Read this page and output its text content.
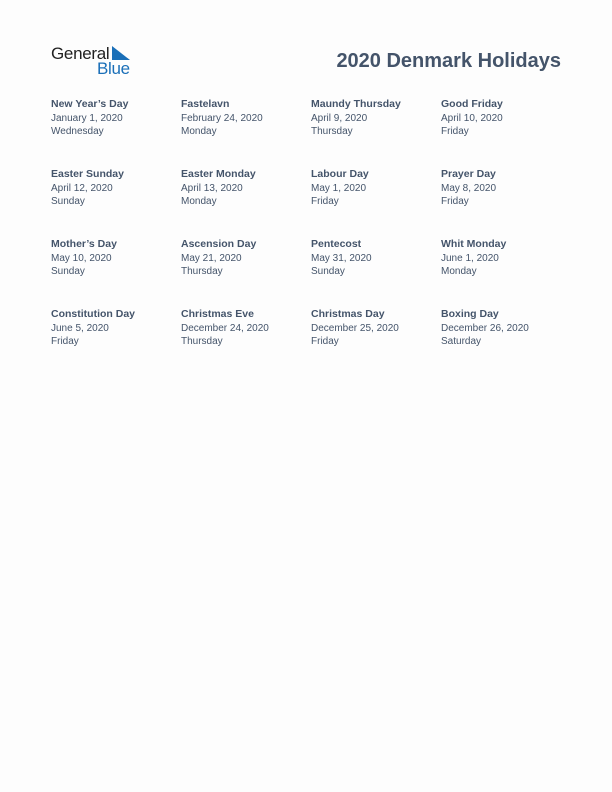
General
Blue	2020 Denmark Holidays
New Year’s Day
January 1, 2020
Wednesday
Fastelavn
February 24, 2020
Monday
Maundy Thursday
April 9, 2020
Thursday
Good Friday
April 10, 2020
Friday
Easter Sunday
April 12, 2020
Sunday
Easter Monday
April 13, 2020
Monday
Labour Day
May 1, 2020
Friday
Prayer Day
May 8, 2020
Friday
Mother’s Day
May 10, 2020
Sunday
Ascension Day
May 21, 2020
Thursday
Pentecost
May 31, 2020
Sunday
Whit Monday
June 1, 2020
Monday
Constitution Day
June 5, 2020
Friday
Christmas Eve
December 24, 2020
Thursday
Christmas Day
December 25, 2020
Friday
Boxing Day
December 26, 2020
Saturday
